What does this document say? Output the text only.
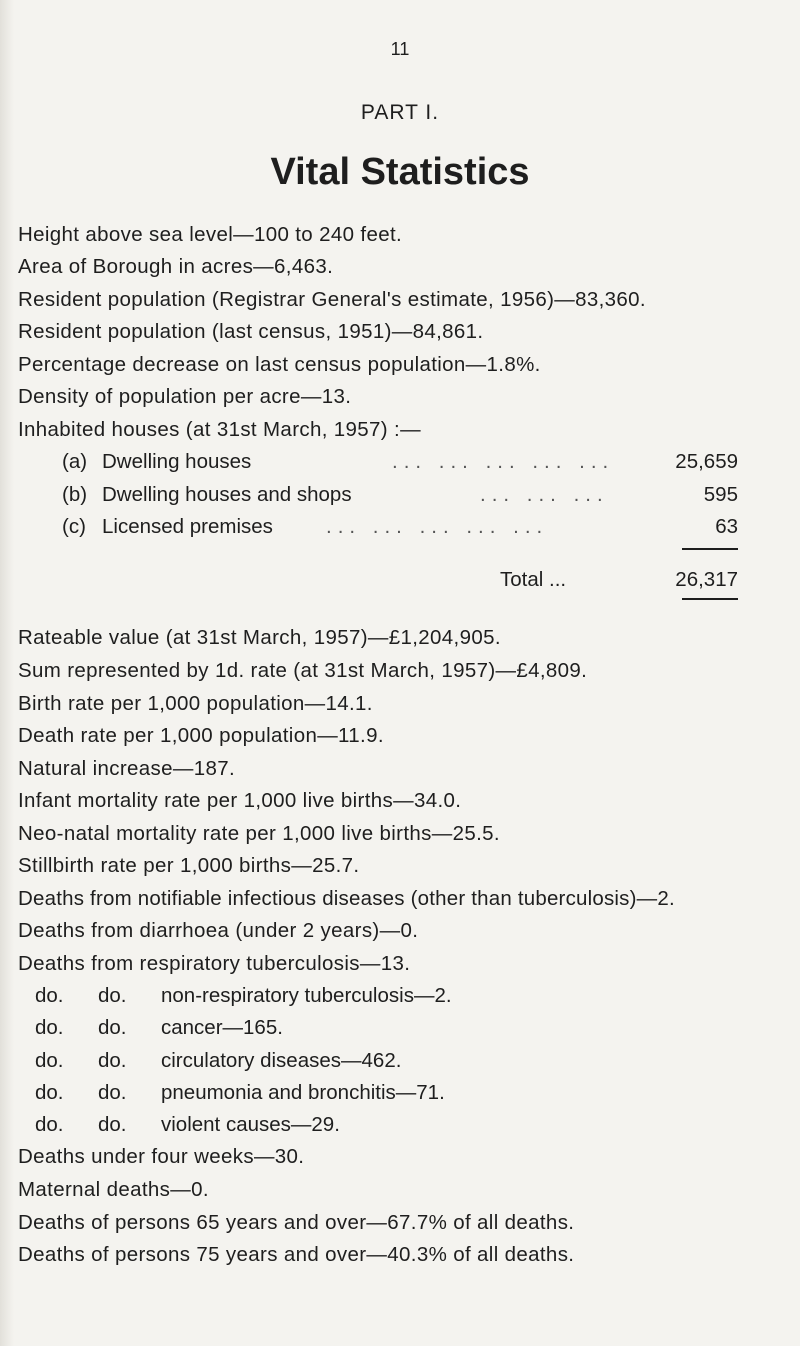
11
PART I.
Vital Statistics
Height above sea level—100 to 240 feet.
Area of Borough in acres—6,463.
Resident population (Registrar General's estimate, 1956)—83,360.
Resident population (last census, 1951)—84,861.
Percentage decrease on last census population—1.8%.
Density of population per acre—13.
Inhabited houses (at 31st March, 1957) :—
(a) Dwelling houses	... ... ... ... ...	25,659
(b) Dwelling houses and shops	... ... ...	595
(c) Licensed premises	... ... ... ... ...	63
Total ...	26,317
Rateable value (at 31st March, 1957)—£1,204,905.
Sum represented by 1d. rate (at 31st March, 1957)—£4,809.
Birth rate per 1,000 population—14.1.
Death rate per 1,000 population—11.9.
Natural increase—187.
Infant mortality rate per 1,000 live births—34.0.
Neo-natal mortality rate per 1,000 live births—25.5.
Stillbirth rate per 1,000 births—25.7.
Deaths from notifiable infectious diseases (other than tuberculosis)—2.
Deaths from diarrhoea (under 2 years)—0.
Deaths from respiratory tuberculosis—13.
do. do. non-respiratory tuberculosis—2.
do. do. cancer—165.
do. do. circulatory diseases—462.
do. do. pneumonia and bronchitis—71.
do. do. violent causes—29.
Deaths under four weeks—30.
Maternal deaths—0.
Deaths of persons 65 years and over—67.7% of all deaths.
Deaths of persons 75 years and over—40.3% of all deaths.
